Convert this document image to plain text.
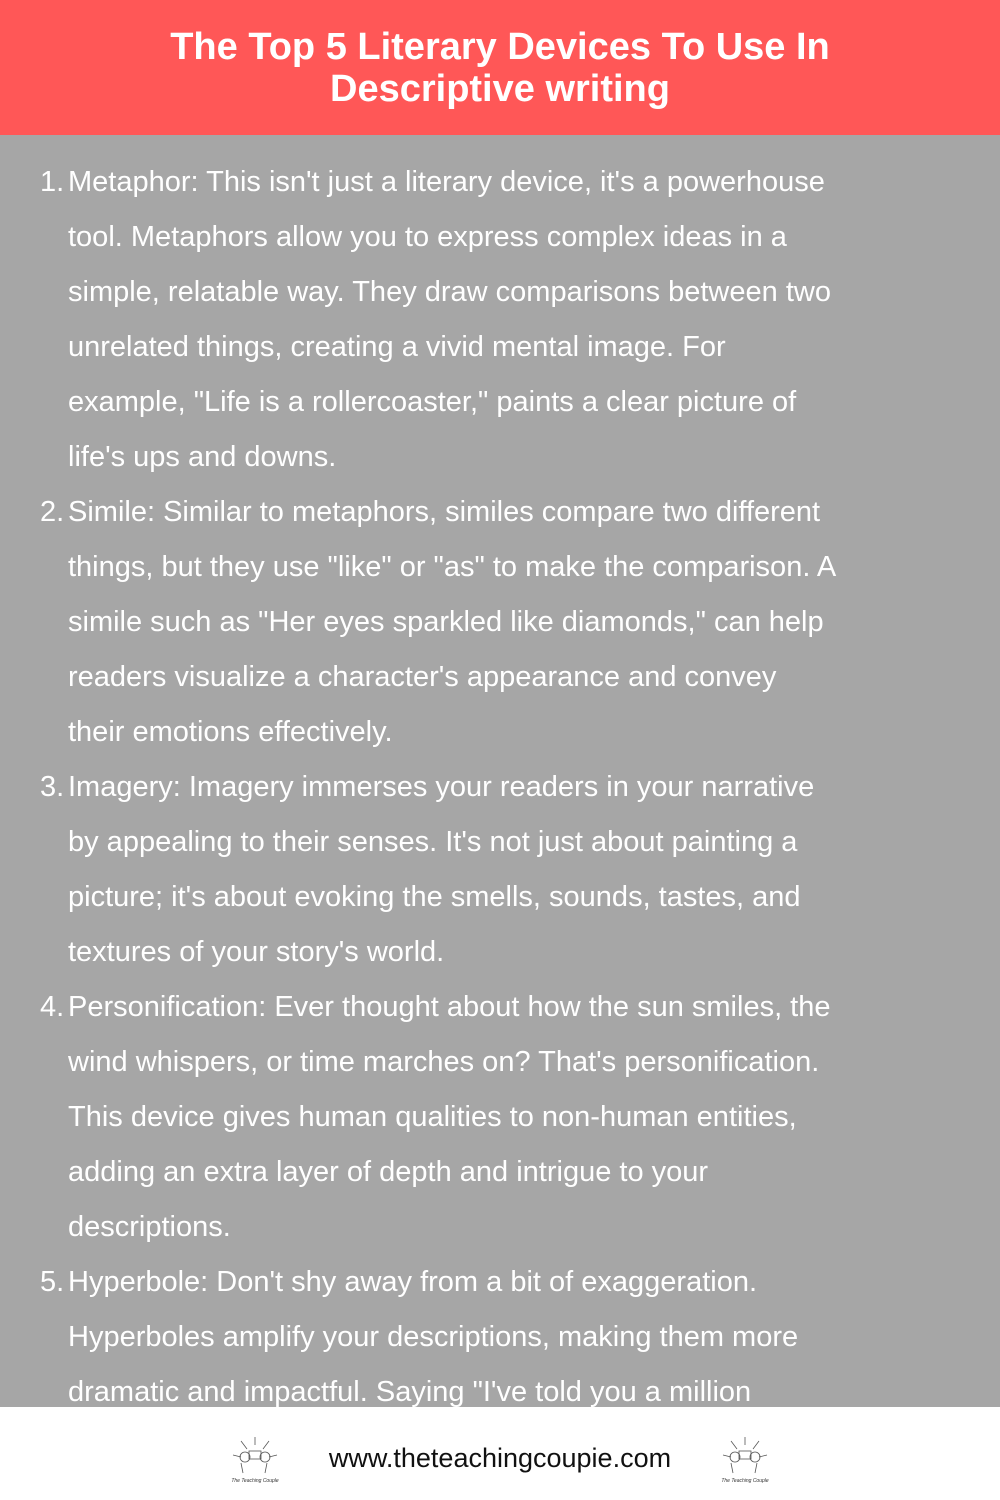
The Top 5 Literary Devices To Use In Descriptive writing
1. Metaphor: This isn't just a literary device, it's a powerhouse
tool. Metaphors allow you to express complex ideas in a
simple, relatable way. They draw comparisons between two
unrelated things, creating a vivid mental image. For
example, "Life is a rollercoaster," paints a clear picture of
life's ups and downs.
2. Simile: Similar to metaphors, similes compare two different
things, but they use "like" or "as" to make the comparison. A
simile such as "Her eyes sparkled like diamonds," can help
readers visualize a character's appearance and convey
their emotions effectively.
3. Imagery: Imagery immerses your readers in your narrative
by appealing to their senses. It's not just about painting a
picture; it's about evoking the smells, sounds, tastes, and
textures of your story's world.
4. Personification: Ever thought about how the sun smiles, the
wind whispers, or time marches on? That's personification.
This device gives human qualities to non-human entities,
adding an extra layer of depth and intrigue to your
descriptions.
5. Hyperbole: Don't shy away from a bit of exaggeration.
Hyperboles amplify your descriptions, making them more
dramatic and impactful. Saying "I've told you a million
The Teaching Couple
www.theteachingcoupie.com
The Teaching Couple
